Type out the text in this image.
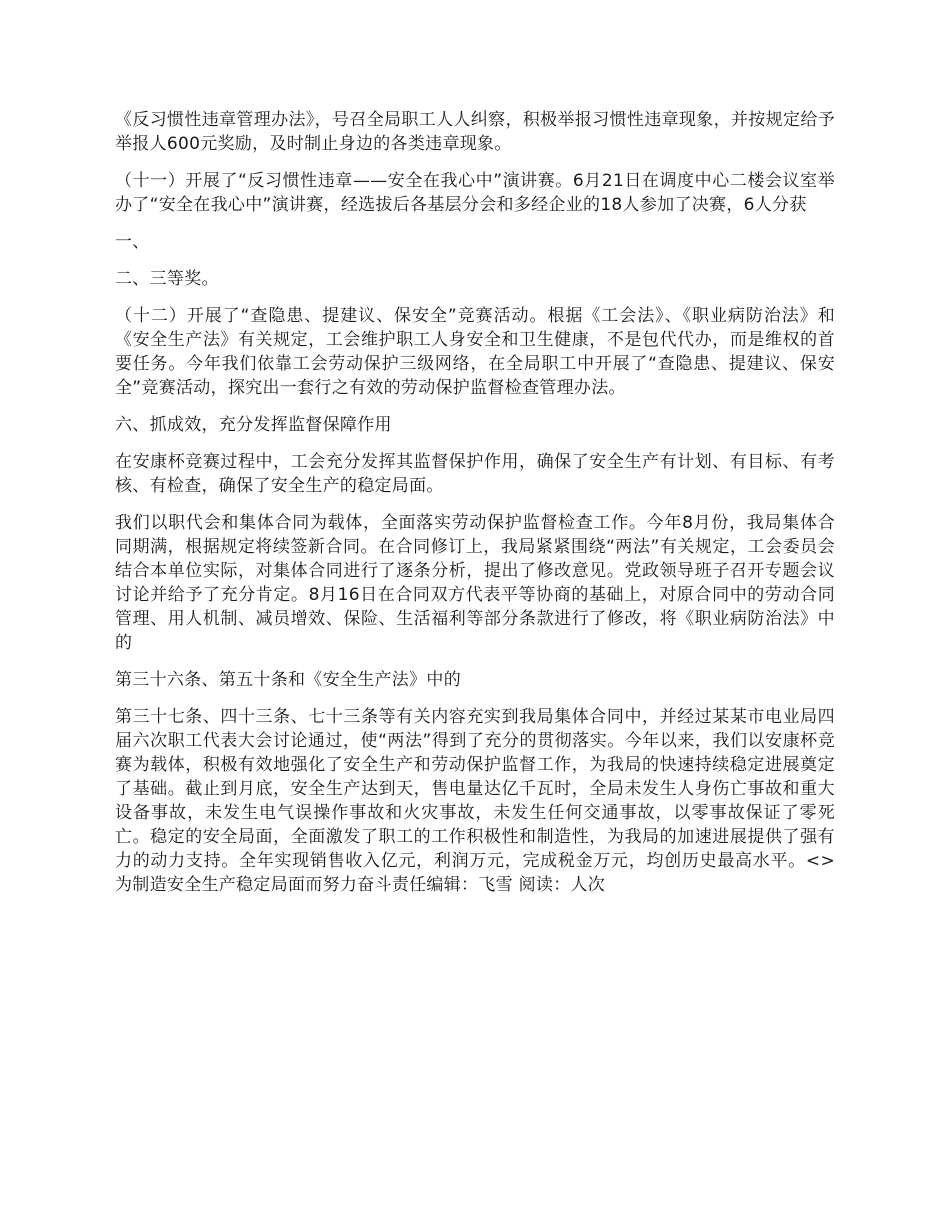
《反习惯性违章管理办法》，号召全局职工人人纠察，积极举报习惯性违章现象，并按规定给予举报人600元奖励，及时制止身边的各类违章现象。

（十一）开展了“反习惯性违章——安全在我心中”演讲赛。6月21日在调度中心二楼会议室举办了“安全在我心中”演讲赛，经选拔后各基层分会和多经企业的18人参加了决赛，6人分获

一、

二、三等奖。

（十二）开展了“查隐患、提建议、保安全”竞赛活动。根据《工会法》、《职业病防治法》和《安全生产法》有关规定，工会维护职工人身安全和卫生健康，不是包代代办，而是维权的首要任务。今年我们依靠工会劳动保护三级网络，在全局职工中开展了“查隐患、提建议、保安全”竞赛活动，探究出一套行之有效的劳动保护监督检查管理办法。

六、抓成效，充分发挥监督保障作用

在安康杯竞赛过程中，工会充分发挥其监督保护作用，确保了安全生产有计划、有目标、有考核、有检查，确保了安全生产的稳定局面。

我们以职代会和集体合同为载体，全面落实劳动保护监督检查工作。今年8月份，我局集体合同期满，根据规定将续签新合同。在合同修订上，我局紧紧围绕“两法”有关规定，工会委员会结合本单位实际，对集体合同进行了逐条分析，提出了修改意见。党政领导班子召开专题会议讨论并给予了充分肯定。8月16日在合同双方代表平等协商的基础上，对原合同中的劳动合同管理、用人机制、减员增效、保险、生活福利等部分条款进行了修改，将《职业病防治法》中的

第三十六条、第五十条和《安全生产法》中的

第三十七条、四十三条、七十三条等有关内容充实到我局集体合同中，并经过某某市电业局四届六次职工代表大会讨论通过，使“两法”得到了充分的贯彻落实。今年以来，我们以安康杯竞赛为载体，积极有效地强化了安全生产和劳动保护监督工作，为我局的快速持续稳定进展奠定了基础。截止到月底，安全生产达到天，售电量达亿千瓦时，全局未发生人身伤亡事故和重大设备事故，未发生电气误操作事故和火灾事故，未发生任何交通事故，以零事故保证了零死亡。稳定的安全局面，全面激发了职工的工作积极性和制造性，为我局的加速进展提供了强有力的动力支持。全年实现销售收入亿元，利润万元，完成税金万元，均创历史最高水平。<>为制造安全生产稳定局面而努力奋斗责任编辑：飞雪 阅读：人次
